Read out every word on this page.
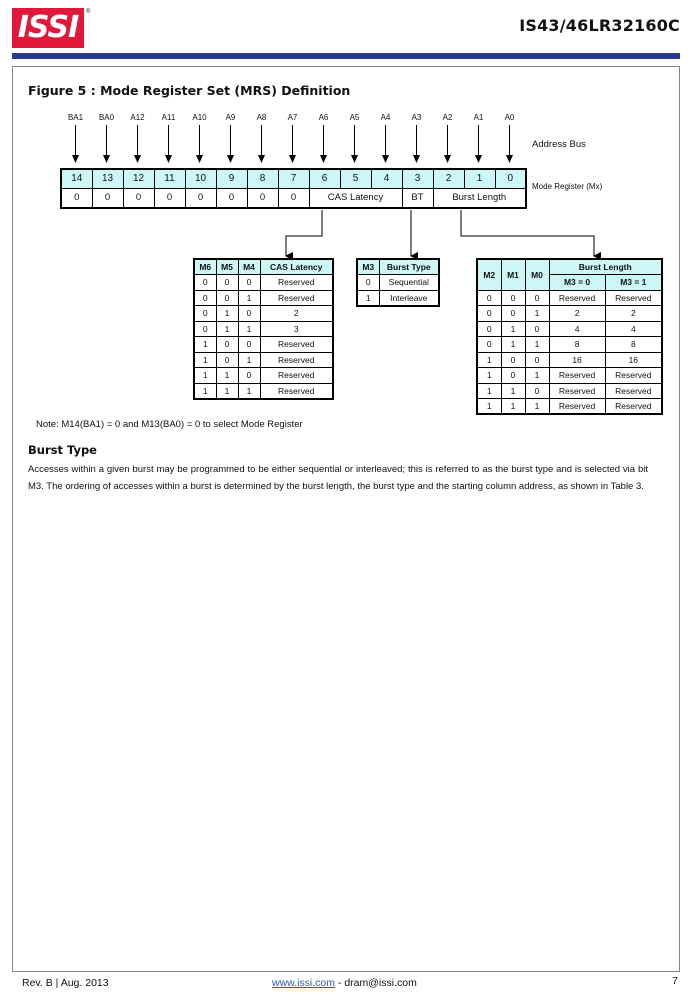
ISSI ®
IS43/46LR32160C
Figure 5 : Mode Register Set (MRS) Definition
BA1	BA0	A12	A11	A10	A9	A8	A7	A6	A5	A4	A3	A2	A1	A0
Address Bus
Mode Register (Mx)
14	13	12	11	10	9	8	7	6	5	4	3	2	1	0
0	0	0	0	0	0	0	0	CAS Latency			BT	Burst Length		
M6	M5	M4	CAS Latency
0	0	0	Reserved
0	0	1	Reserved
0	1	0	2
0	1	1	3
1	0	0	Reserved
1	0	1	Reserved
1	1	0	Reserved
1	1	1	Reserved
M3	Burst Type
0	Sequential
1	Interleave
M2	M1	M0	Burst Length	
			M3 = 0	M3 = 1
0	0	0	Reserved	Reserved
0	0	1	2	2
0	1	0	4	4
0	1	1	8	8
1	0	0	16	16
1	0	1	Reserved	Reserved
1	1	0	Reserved	Reserved
1	1	1	Reserved	Reserved
Note: M14(BA1) = 0 and M13(BA0) = 0 to select Mode Register
Burst Type
Accesses within a given burst may be programmed to be either sequential or interleaved; this is referred to as the burst type and is selected via bit M3. The ordering of accesses within a burst is determined by the burst length, the burst type and the starting column address, as shown in Table 3.
Rev. B | Aug. 2013	www.issi.com - dram@issi.com	7
